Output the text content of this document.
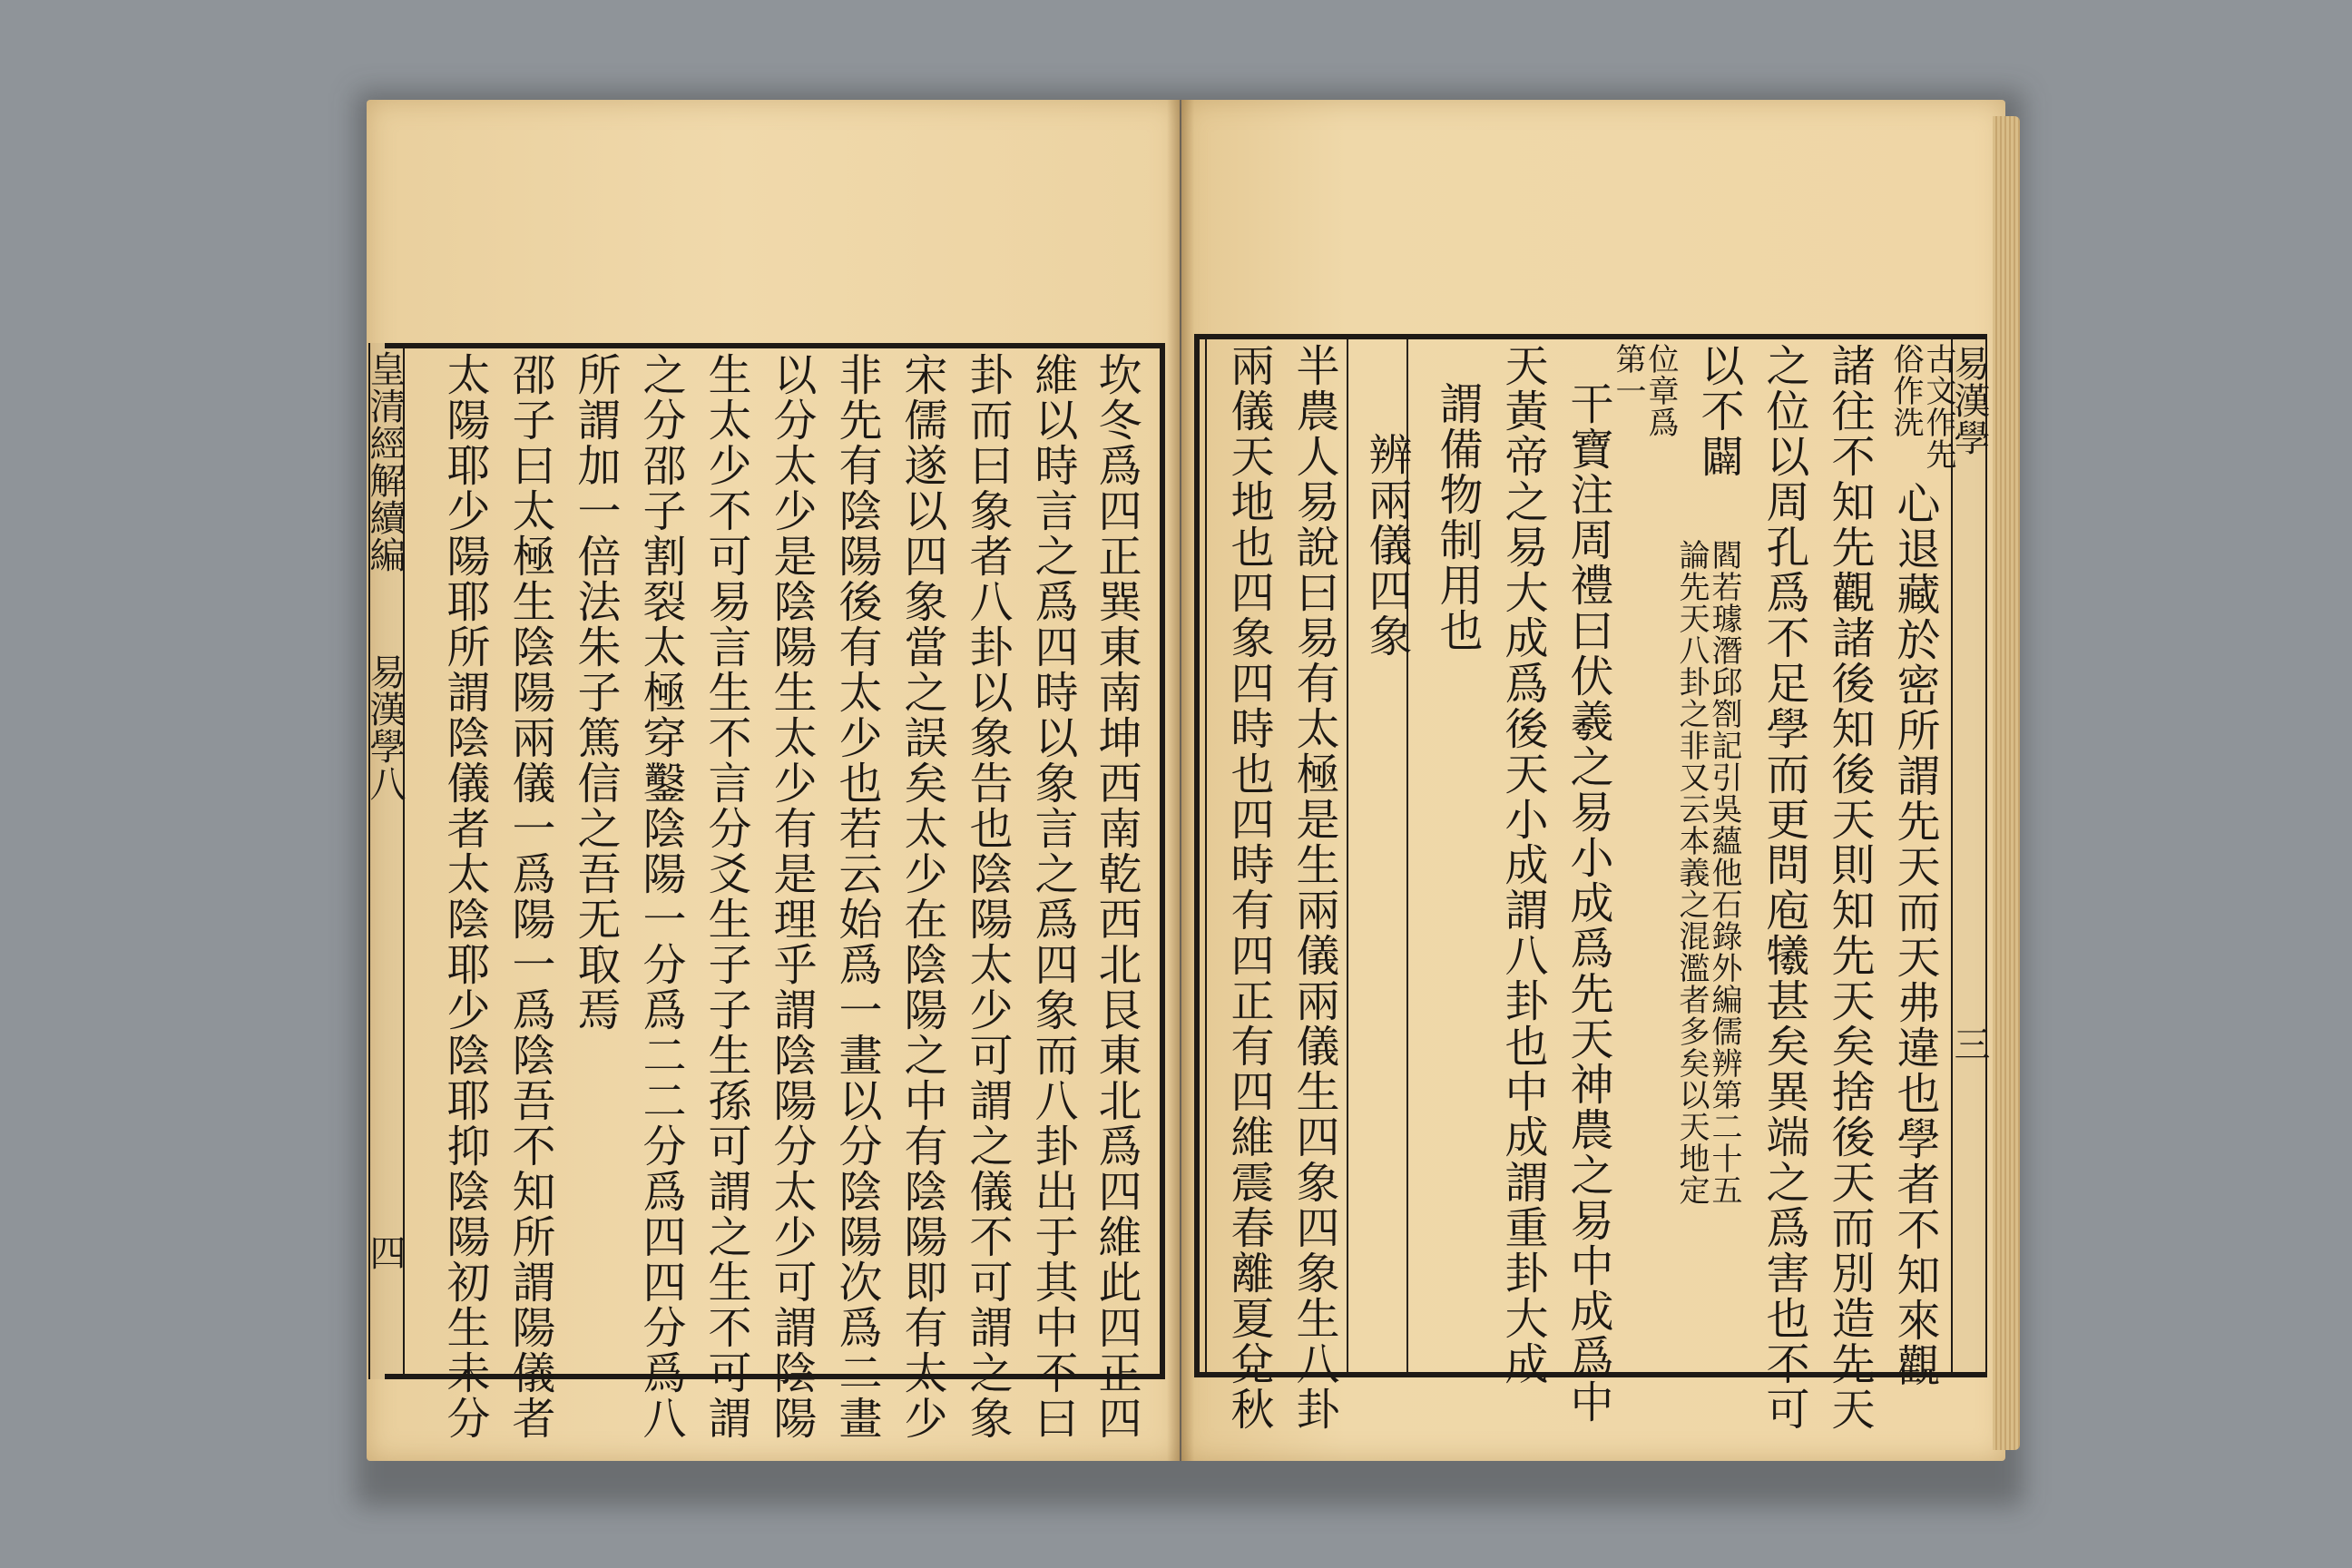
皇清經解續編
易漢學八
四	坎冬爲四正巽東南坤西南乾西北艮東北爲四維此四正四
維以時言之爲四時以象言之爲四象而八卦出于其中不曰
卦而曰象者八卦以象告也陰陽太少可謂之儀不可謂之象
宋儒遂以四象當之誤矣太少在陰陽之中有陰陽即有太少
非先有陰陽後有太少也若云始爲一畫以分陰陽次爲二畫
以分太少是陰陽生太少有是理乎謂陰陽分太少可謂陰陽
生太少不可易言生不言分爻生子子生孫可謂之生不可謂
之分邵子割裂太極穿鑿陰陽一分爲二二分爲四四分爲八
所謂加一倍法朱子篤信之吾无取焉
邵子曰太極生陰陽兩儀一爲陽一爲陰吾不知所謂陽儀者
太陽耶少陽耶所謂陰儀者太陰耶少陰耶抑陰陽初生未分	易漢學
三
古文作先
俗作洗
心退藏於密所謂先天而天弗違也學者不知來觀
諸往不知先觀諸後知後天則知先天矣捨後天而別造先天
之位以周孔爲不足學而更問庖犧甚矣異端之爲害也不可
以不闢
閻若璩潛邱劄記引吳蘊他石錄外編儒辨第二十五
論先天八卦之非又云本義之混濫者多矣以天地定
位章爲
第一
干寶注周禮曰伏羲之易小成爲先天神農之易中成爲中
天黃帝之易大成爲後天小成謂八卦也中成謂重卦大成
謂備物制用也
辨兩儀四象
半農人易說曰易有太極是生兩儀兩儀生四象四象生八卦
兩儀天地也四象四時也四時有四正有四維震春離夏兌秋
